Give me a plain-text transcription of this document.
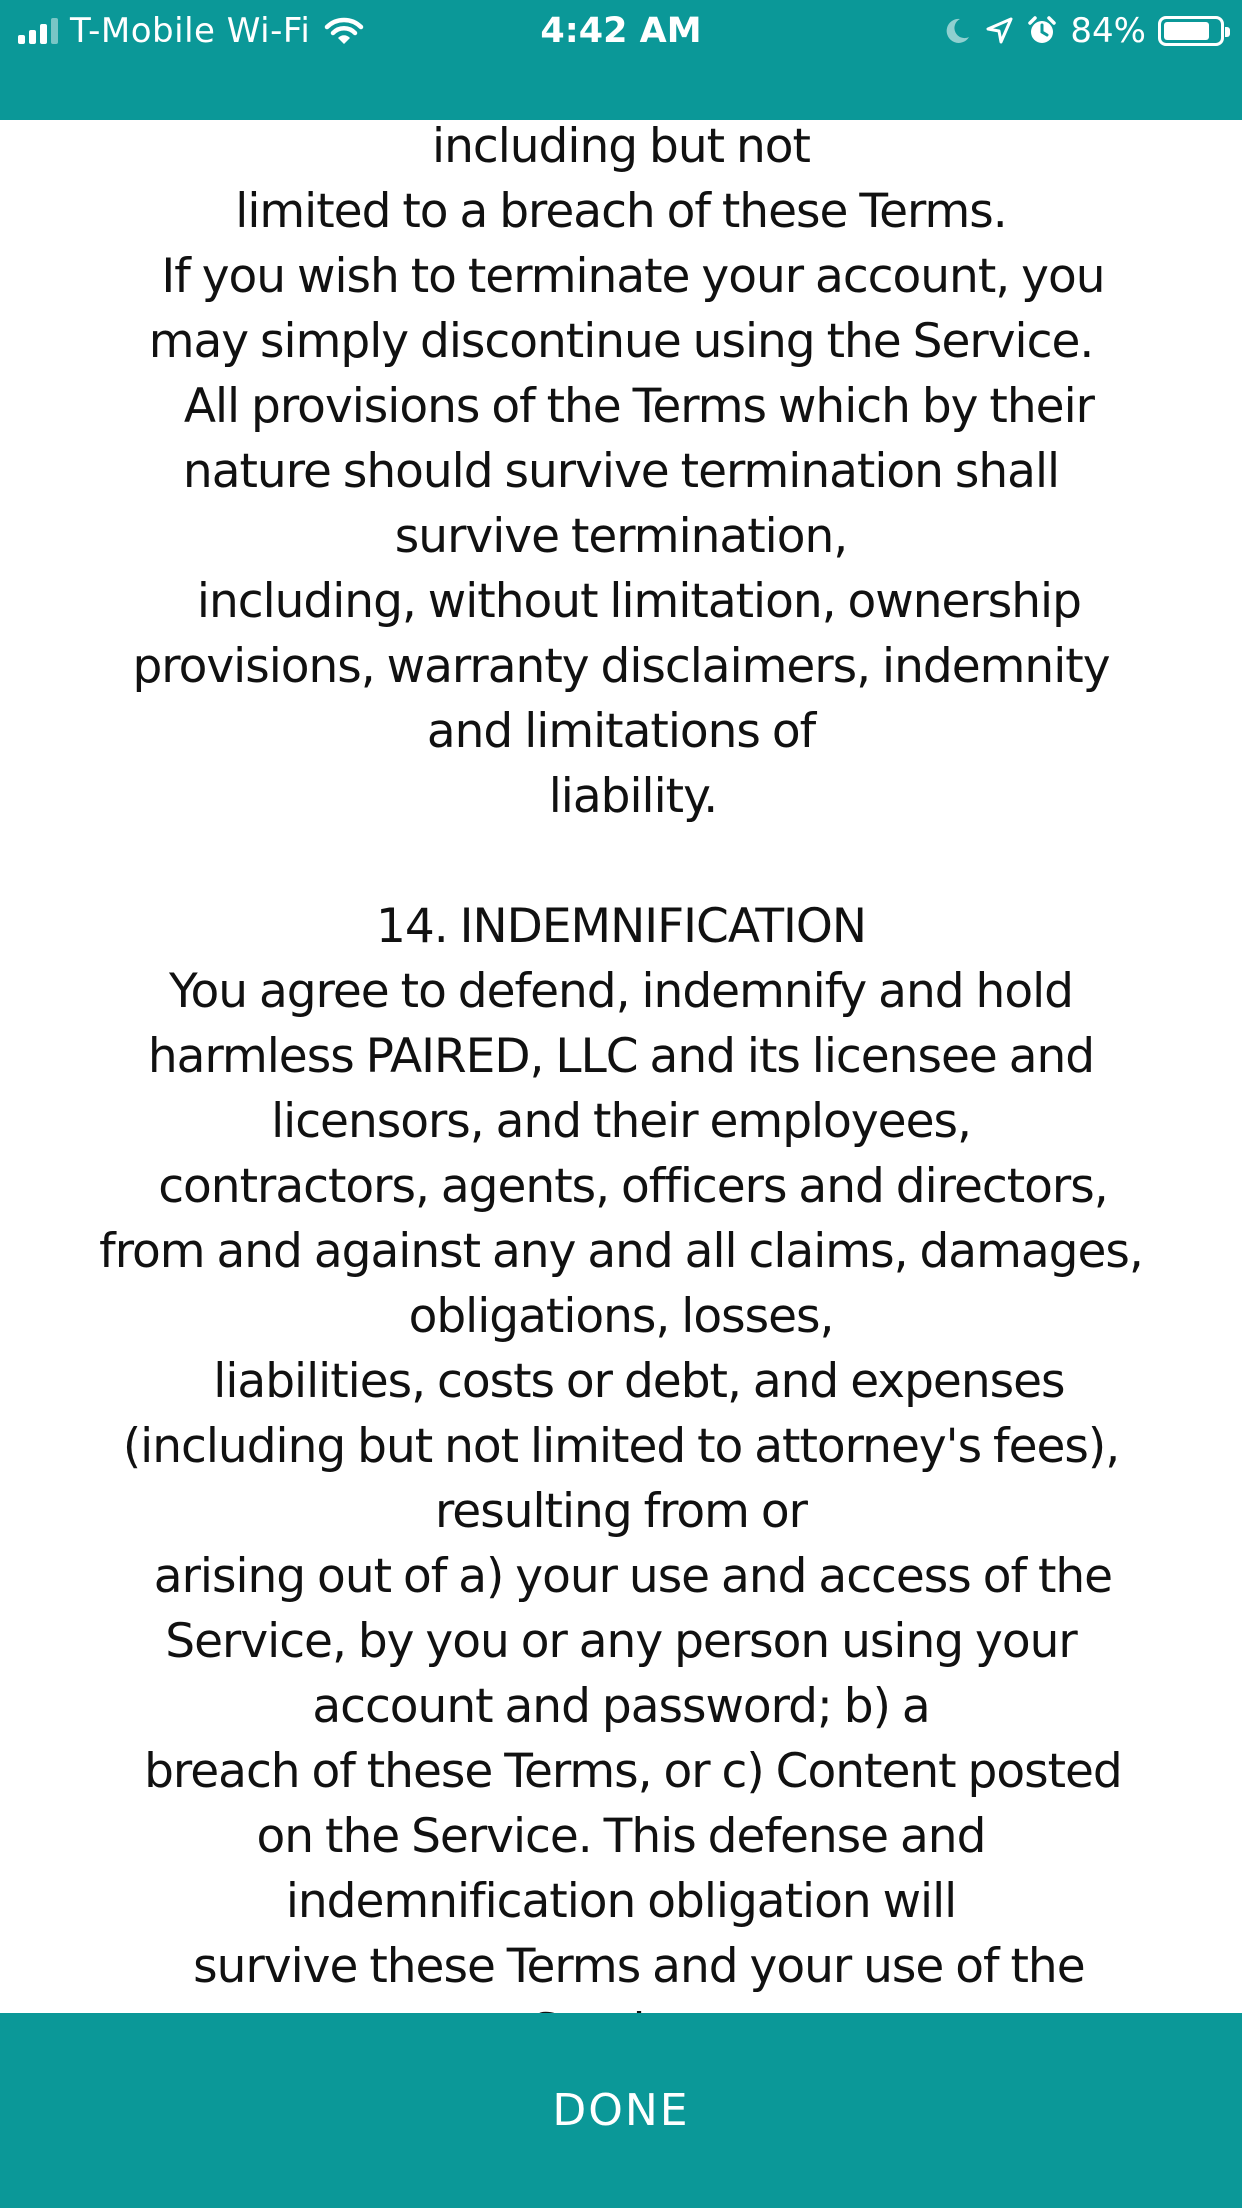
T-Mobile Wi-Fi	4:42 AM	84%
including but not
limited to a breach of these Terms.
If you wish to terminate your account, you
may simply discontinue using the Service.
All provisions of the Terms which by their
nature should survive termination shall
survive termination,
including, without limitation, ownership
provisions, warranty disclaimers, indemnity
and limitations of
liability.

14. INDEMNIFICATION
You agree to defend, indemnify and hold
harmless PAIRED, LLC and its licensee and
licensors, and their employees,
contractors, agents, officers and directors,
from and against any and all claims, damages,
obligations, losses,
liabilities, costs or debt, and expenses
(including but not limited to attorney's fees),
resulting from or
arising out of a) your use and access of the
Service, by you or any person using your
account and password; b) a
breach of these Terms, or c) Content posted
on the Service. This defense and
indemnification obligation will
survive these Terms and your use of the
DONE
